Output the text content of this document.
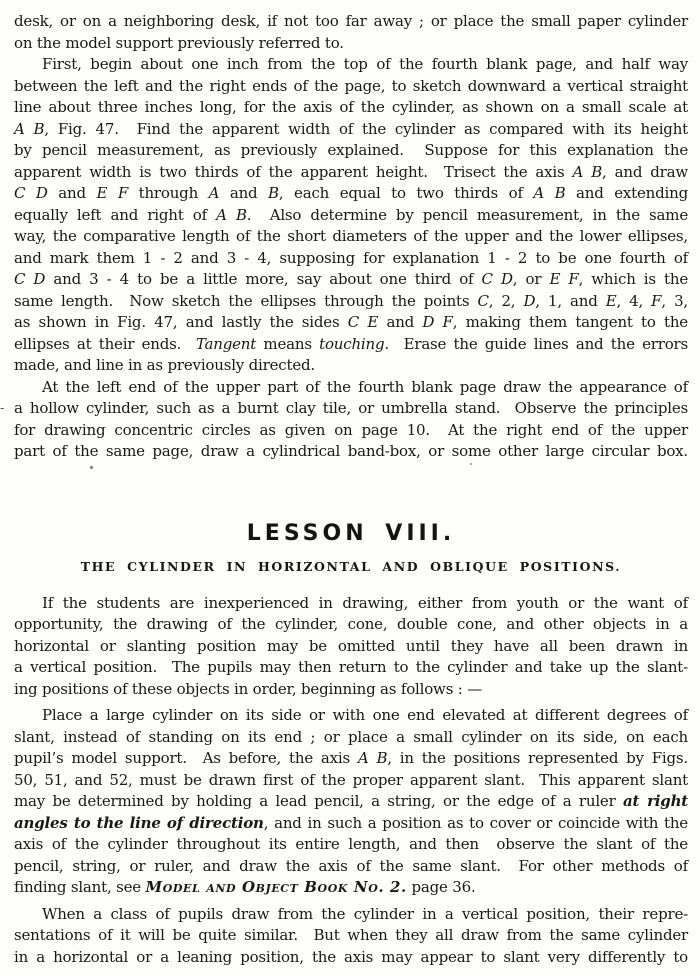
desk, or on a neighboring desk, if not too far away ; or place the small paper cylinder
on the model support previously referred to.
First, begin about one inch from the top of the fourth blank page, and half way
between the left and the right ends of the page, to sketch downward a vertical straight
line about three inches long, for the axis of the cylinder, as shown on a small scale at
A B, Fig. 47.  Find the apparent width of the cylinder as compared with its height
by pencil measurement, as previously explained.  Suppose for this explanation the
apparent width is two thirds of the apparent height.  Trisect the axis A B, and draw
C D and E F through A and B, each equal to two thirds of A B and extending
equally left and right of A B.  Also determine by pencil measurement, in the same
way, the comparative length of the short diameters of the upper and the lower ellipses,
and mark them 1 - 2 and 3 - 4, supposing for explanation 1 - 2 to be one fourth of
C D and 3 - 4 to be a little more, say about one third of C D, or E F, which is the
same length.  Now sketch the ellipses through the points C, 2, D, 1, and E, 4, F, 3,
as shown in Fig. 47, and lastly the sides C E and D F, making them tangent to the
ellipses at their ends.  Tangent means touching.  Erase the guide lines and the errors
made, and line in as previously directed.
At the left end of the upper part of the fourth blank page draw the appearance of
a hollow cylinder, such as a burnt clay tile, or umbrella stand.  Observe the principles
for drawing concentric circles as given on page 10.  At the right end of the upper
part of the same page, draw a cylindrical band-box, or some other large circular box.
LESSON VIII.
THE CYLINDER IN HORIZONTAL AND OBLIQUE POSITIONS.
If the students are inexperienced in drawing, either from youth or the want of
opportunity, the drawing of the cylinder, cone, double cone, and other objects in a
horizontal or slanting position may be omitted until they have all been drawn in
a vertical position.  The pupils may then return to the cylinder and take up the slant-
ing positions of these objects in order, beginning as follows : —
Place a large cylinder on its side or with one end elevated at different degrees of
slant, instead of standing on its end ; or place a small cylinder on its side, on each
pupil’s model support.  As before, the axis A B, in the positions represented by Figs.
50, 51, and 52, must be drawn first of the proper apparent slant.  This apparent slant
may be determined by holding a lead pencil, a string, or the edge of a ruler at right
angles to the line of direction, and in such a position as to cover or coincide with the
axis of the cylinder throughout its entire length, and then  observe the slant of the
pencil, string, or ruler, and draw the axis of the same slant.  For other methods of
finding slant, see Model and Object Book No. 2. page 36.
When a class of pupils draw from the cylinder in a vertical position, their repre-
sentations of it will be quite similar.  But when they all draw from the same cylinder
in a horizontal or a leaning position, the axis may appear to slant very differently to
-
